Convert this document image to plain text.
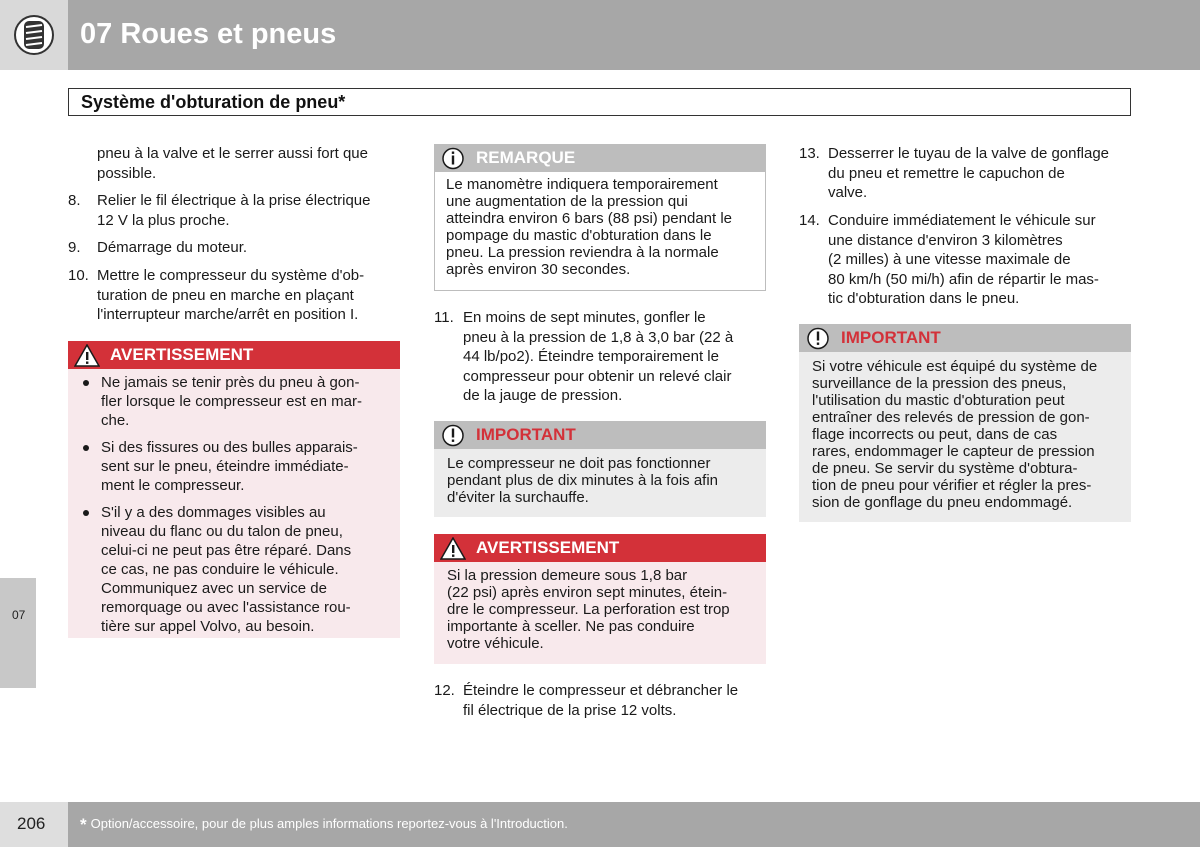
07 Roues et pneus
Système d'obturation de pneu*
07
pneu à la valve et le serrer aussi fort que
possible.
8. Relier le fil électrique à la prise électrique
12 V la plus proche.
9. Démarrage du moteur.
10. Mettre le compresseur du système d'ob-
turation de pneu en marche en plaçant
l'interrupteur marche/arrêt en position I.
AVERTISSEMENT
Ne jamais se tenir près du pneu à gon-
fler lorsque le compresseur est en mar-
che.
Si des fissures ou des bulles apparais-
sent sur le pneu, éteindre immédiate-
ment le compresseur.
S'il y a des dommages visibles au
niveau du flanc ou du talon de pneu,
celui-ci ne peut pas être réparé. Dans
ce cas, ne pas conduire le véhicule.
Communiquez avec un service de
remorquage ou avec l'assistance rou-
tière sur appel Volvo, au besoin.
REMARQUE
Le manomètre indiquera temporairement
une augmentation de la pression qui
atteindra environ 6 bars (88 psi) pendant le
pompage du mastic d'obturation dans le
pneu. La pression reviendra à la normale
après environ 30 secondes.
11. En moins de sept minutes, gonfler le
pneu à la pression de 1,8 à 3,0 bar (22 à
44 lb/po2). Éteindre temporairement le
compresseur pour obtenir un relevé clair
de la jauge de pression.
IMPORTANT
Le compresseur ne doit pas fonctionner
pendant plus de dix minutes à la fois afin
d'éviter la surchauffe.
AVERTISSEMENT
Si la pression demeure sous 1,8 bar
(22 psi) après environ sept minutes, étein-
dre le compresseur. La perforation est trop
importante à sceller. Ne pas conduire
votre véhicule.
12. Éteindre le compresseur et débrancher le
fil électrique de la prise 12 volts.
13. Desserrer le tuyau de la valve de gonflage
du pneu et remettre le capuchon de
valve.
14. Conduire immédiatement le véhicule sur
une distance d'environ 3 kilomètres
(2 milles) à une vitesse maximale de
80 km/h (50 mi/h) afin de répartir le mas-
tic d'obturation dans le pneu.
IMPORTANT
Si votre véhicule est équipé du système de
surveillance de la pression des pneus,
l'utilisation du mastic d'obturation peut
entraîner des relevés de pression de gon-
flage incorrects ou peut, dans de cas
rares, endommager le capteur de pression
de pneu. Se servir du système d'obtura-
tion de pneu pour vérifier et régler la pres-
sion de gonflage du pneu endommagé.
206 * Option/accessoire, pour de plus amples informations reportez-vous à l'Introduction.
